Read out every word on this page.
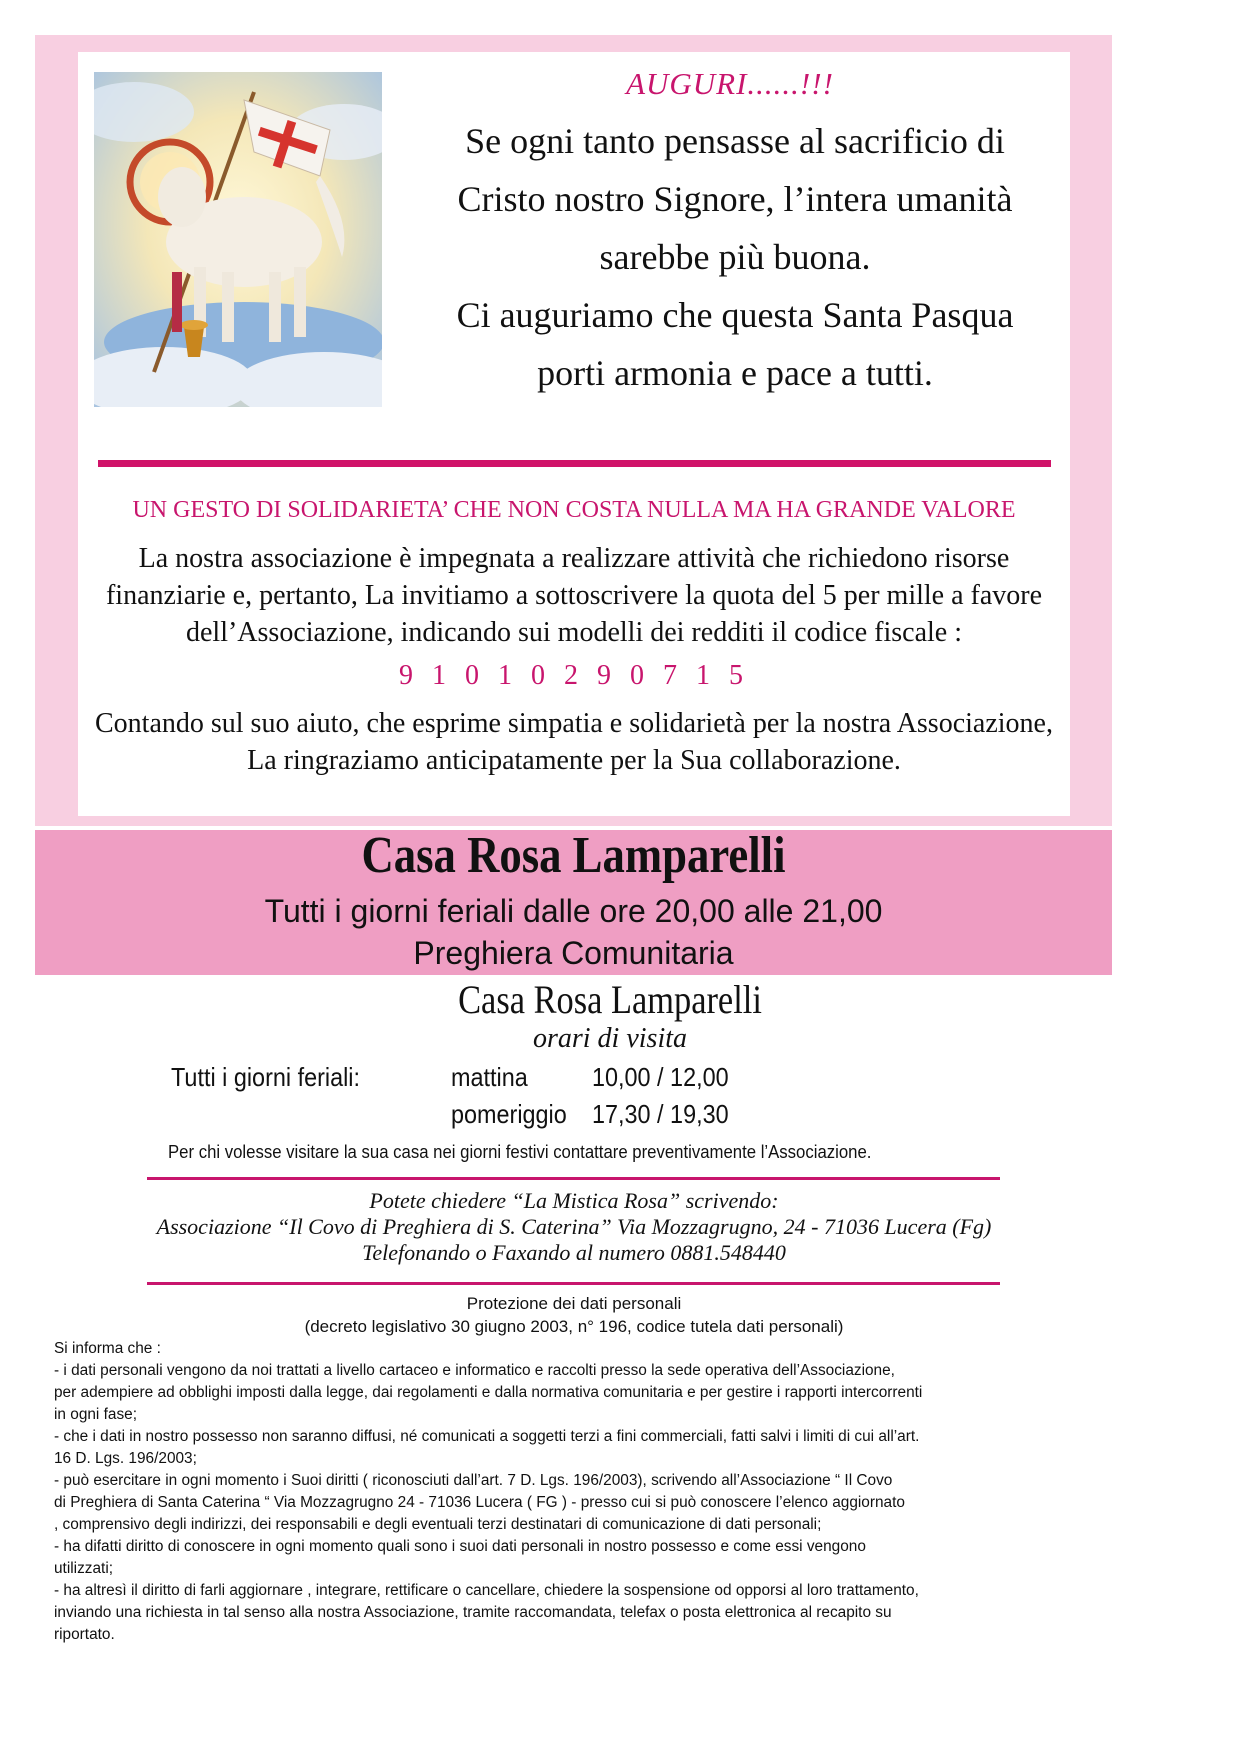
AUGURI......!!!
Se ogni tanto pensasse al sacrificio di
Cristo nostro Signore, l’intera umanità
sarebbe più buona.
Ci auguriamo che questa Santa Pasqua
porti armonia e pace a tutti.
UN GESTO DI SOLIDARIETA’ CHE NON COSTA NULLA MA HA GRANDE VALORE
La nostra associazione è impegnata a realizzare attività che richiedono risorse
finanziarie e, pertanto, La invitiamo a sottoscrivere la quota del 5 per mille a favore
dell’Associazione, indicando sui modelli dei redditi il codice fiscale :
9 1 0 1 0 2 9 0 7 1 5
Contando sul suo aiuto, che esprime simpatia e solidarietà per la nostra Associazione,
La ringraziamo anticipatamente per la Sua collaborazione.
Casa Rosa Lamparelli
Tutti i giorni feriali dalle ore 20,00 alle 21,00
Preghiera Comunitaria
Casa Rosa Lamparelli
orari di visita
Tutti i giorni feriali:	mattina 10,00 / 12,00
pomeriggio 17,30 / 19,30
Per chi volesse visitare la sua casa nei giorni festivi contattare preventivamente l’Associazione.
Potete chiedere “La Mistica Rosa” scrivendo:
Associazione “Il Covo di Preghiera di S. Caterina” Via Mozzagrugno, 24 - 71036 Lucera (Fg)
Telefonando o Faxando al numero 0881.548440
Protezione dei dati personali
(decreto legislativo 30 giugno 2003, n° 196, codice tutela dati personali)
Si informa che :
- i dati personali vengono da noi trattati a livello cartaceo e informatico e raccolti presso la sede operativa dell’Associazione,
per adempiere ad obblighi imposti dalla legge, dai regolamenti e dalla normativa comunitaria e per gestire i rapporti intercorrenti
in ogni fase;
- che i dati in nostro possesso non saranno diffusi, né comunicati a soggetti terzi a fini commerciali, fatti salvi i limiti di cui all’art.
16 D. Lgs. 196/2003;
- può esercitare in ogni momento i Suoi diritti ( riconosciuti dall’art. 7 D. Lgs. 196/2003), scrivendo all’Associazione “ Il Covo
di Preghiera di Santa Caterina “ Via Mozzagrugno 24 - 71036 Lucera ( FG ) - presso cui si può conoscere l’elenco aggiornato
, comprensivo degli indirizzi, dei responsabili e degli eventuali terzi destinatari di comunicazione di dati personali;
- ha difatti diritto di conoscere in ogni momento quali sono i suoi dati personali in nostro possesso e come essi vengono
utilizzati;
- ha altresì il diritto di farli aggiornare , integrare, rettificare o cancellare, chiedere la sospensione od opporsi al loro trattamento,
inviando una richiesta in tal senso alla nostra Associazione, tramite raccomandata, telefax o posta elettronica al recapito su
riportato.
